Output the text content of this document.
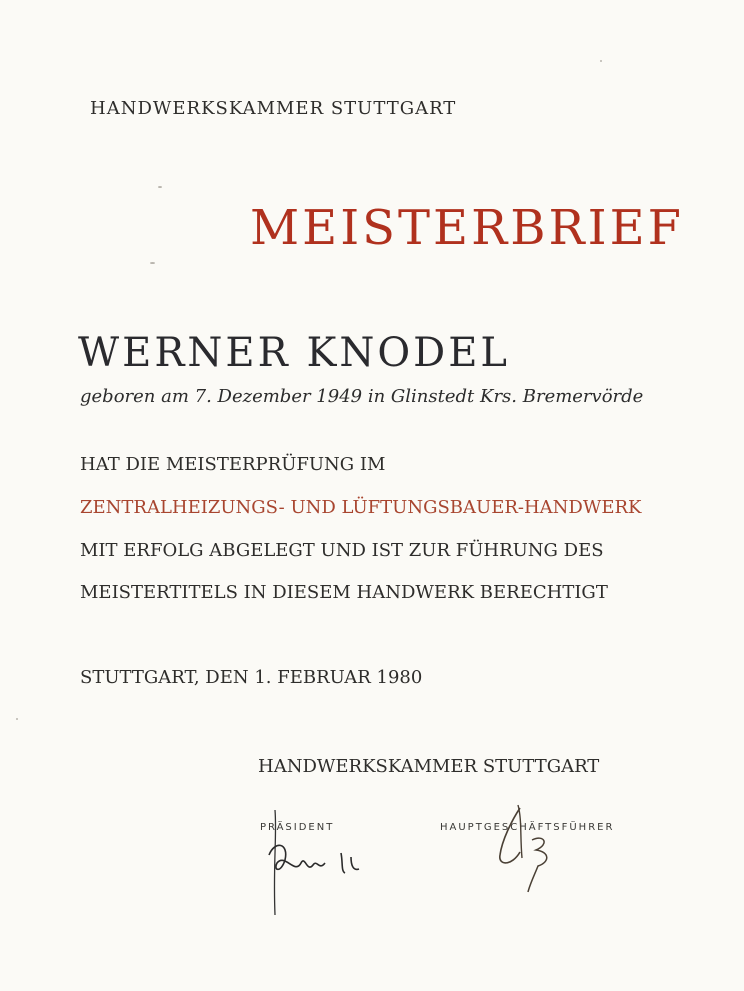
HANDWERKSKAMMER STUTTGART
MEISTERBRIEF
WERNER KNODEL
geboren am 7. Dezember 1949 in Glinstedt Krs. Bremervörde
HAT DIE MEISTERPRÜFUNG IM
ZENTRALHEIZUNGS- UND LÜFTUNGSBAUER-HANDWERK
MIT ERFOLG ABGELEGT UND IST ZUR FÜHRUNG DES
MEISTERTITELS IN DIESEM HANDWERK BERECHTIGT
STUTTGART, DEN 1. FEBRUAR 1980
HANDWERKSKAMMER STUTTGART
PRÄSIDENT	HAUPTGESCHÄFTSFÜHRER
